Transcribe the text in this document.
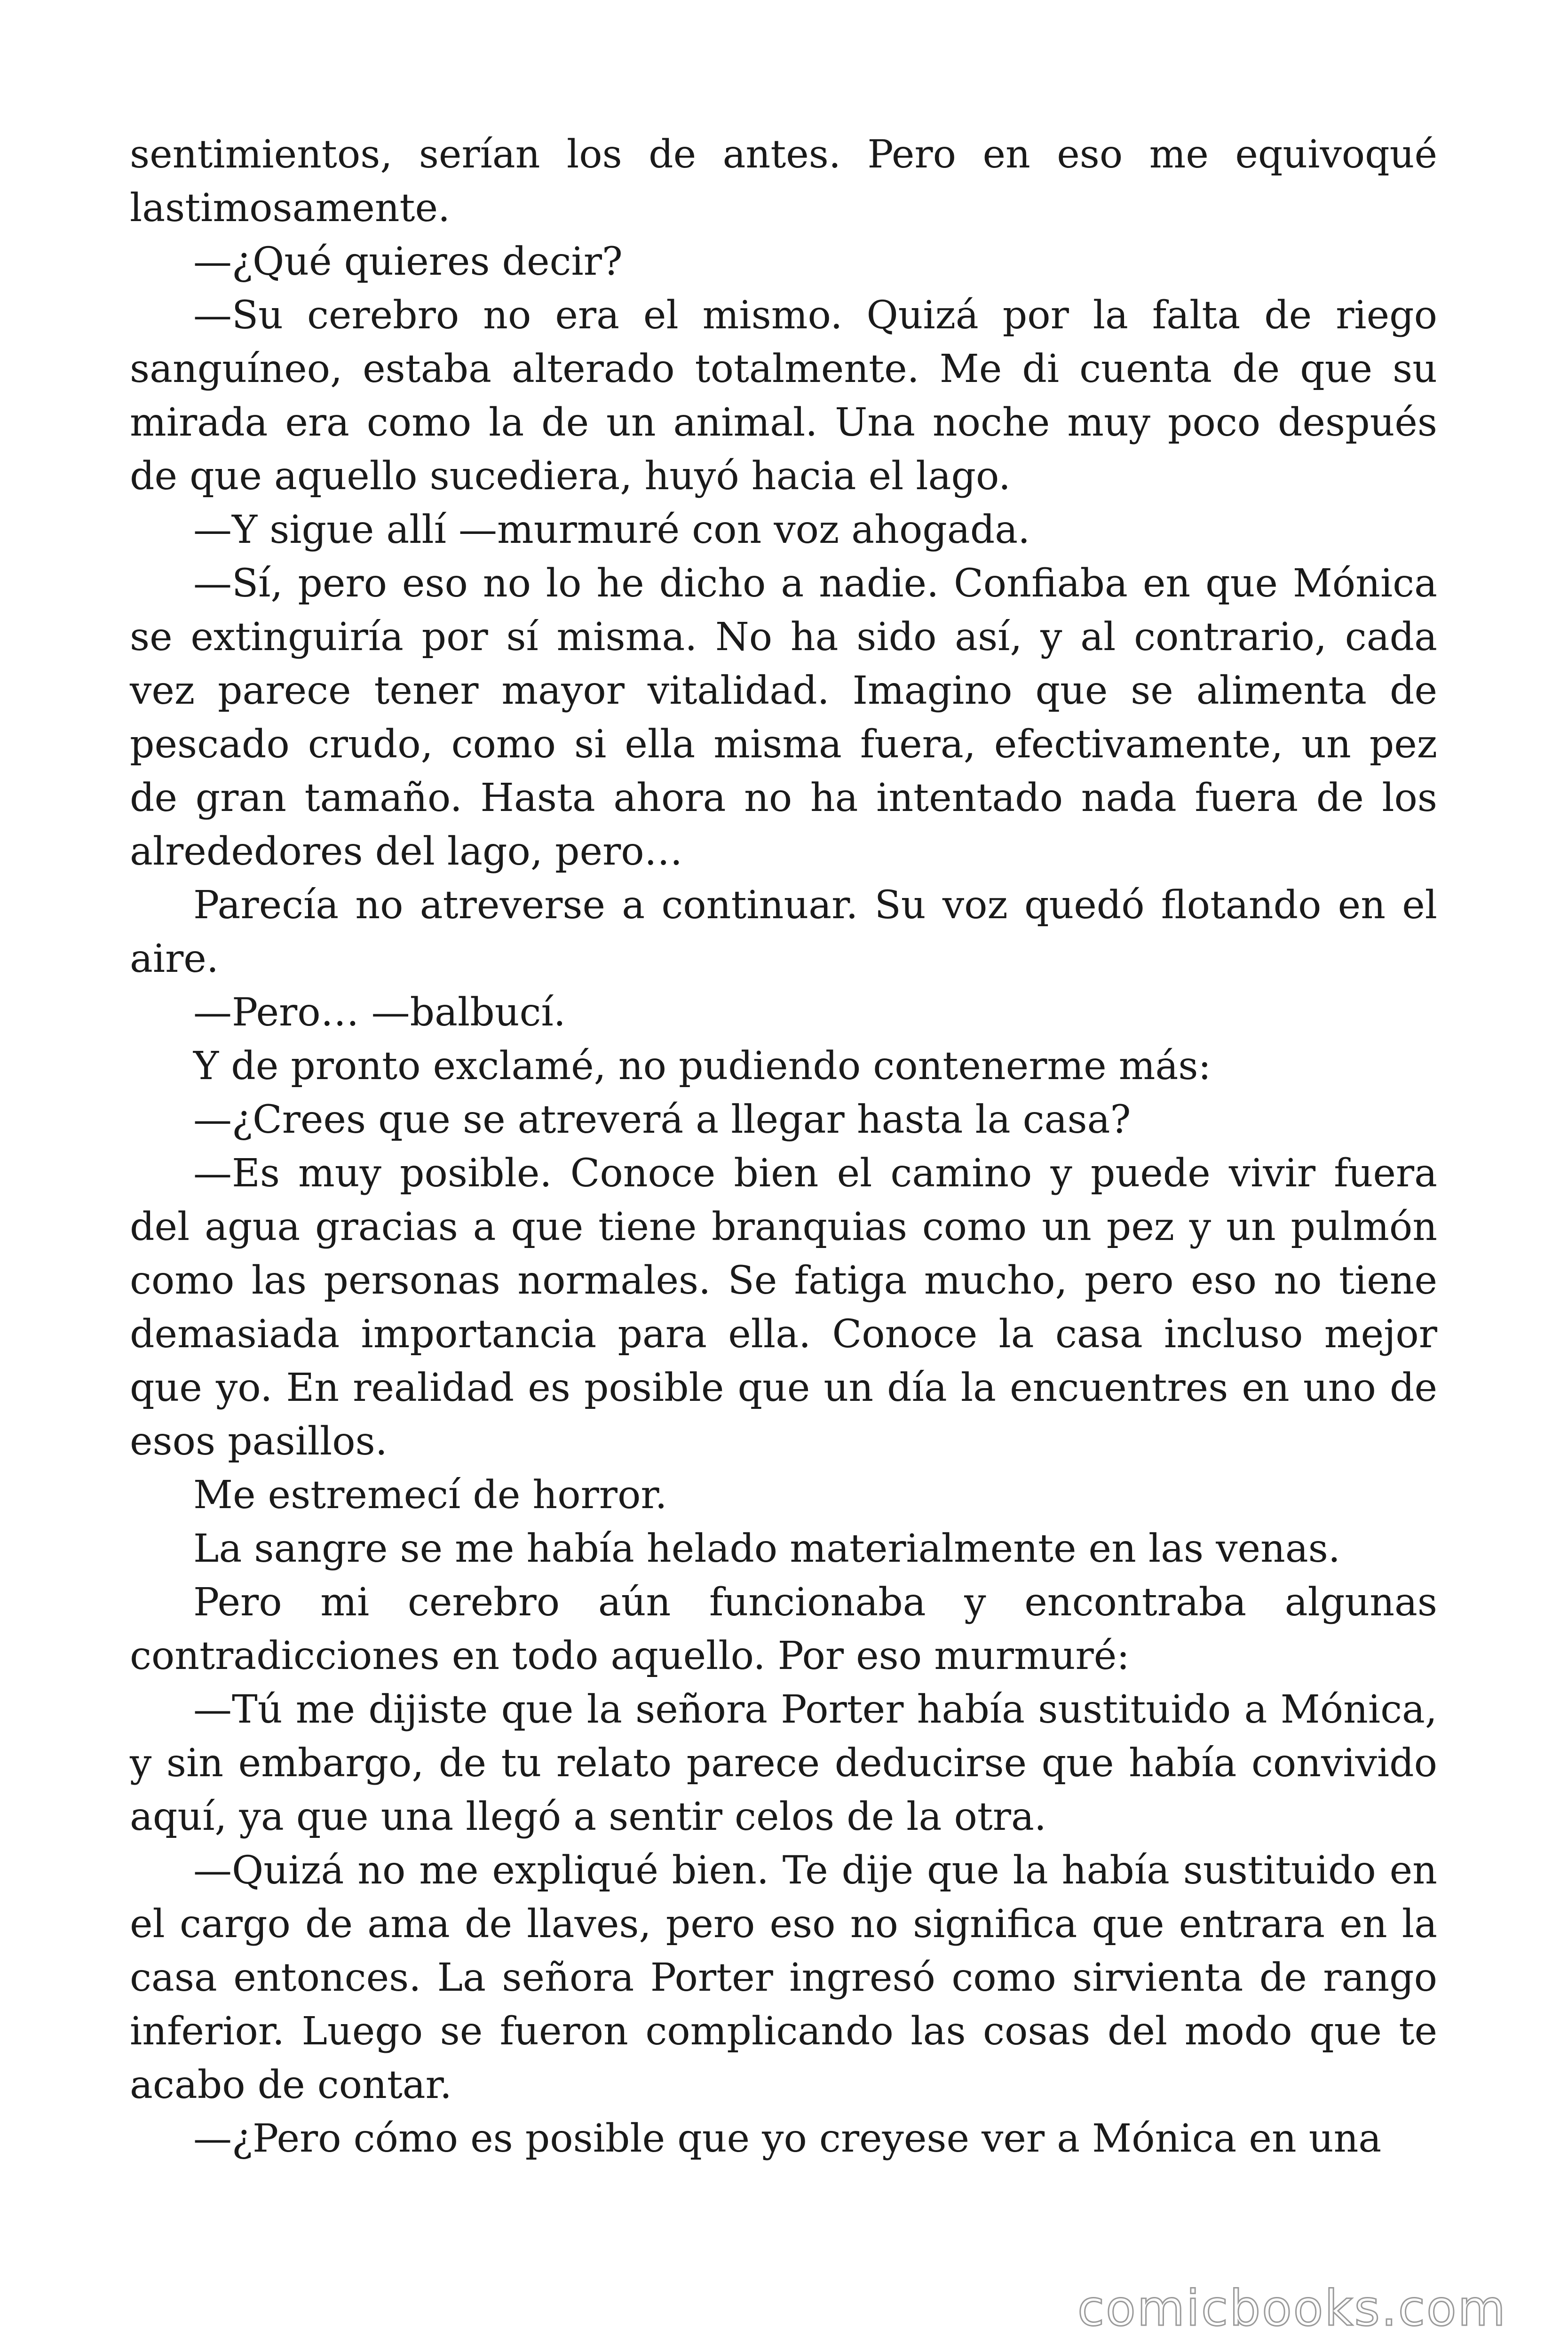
sentimientos, serían los de antes. Pero en eso me equivoqué lastimosamente.

—¿Qué quieres decir?

—Su cerebro no era el mismo. Quizá por la falta de riego sanguíneo, estaba alterado totalmente. Me di cuenta de que su mirada era como la de un animal. Una noche muy poco después de que aquello sucediera, huyó hacia el lago.

—Y sigue allí —murmuré con voz ahogada.

—Sí, pero eso no lo he dicho a nadie. Confiaba en que Mónica se extinguiría por sí misma. No ha sido así, y al contrario, cada vez parece tener mayor vitalidad. Imagino que se alimenta de pescado crudo, como si ella misma fuera, efectivamente, un pez de gran tamaño. Hasta ahora no ha intentado nada fuera de los alrededores del lago, pero…

Parecía no atreverse a continuar. Su voz quedó flotando en el aire.

—Pero… —balbucí.

Y de pronto exclamé, no pudiendo contenerme más:

—¿Crees que se atreverá a llegar hasta la casa?

—Es muy posible. Conoce bien el camino y puede vivir fuera del agua gracias a que tiene branquias como un pez y un pulmón como las personas normales. Se fatiga mucho, pero eso no tiene demasiada importancia para ella. Conoce la casa incluso mejor que yo. En realidad es posible que un día la encuentres en uno de esos pasillos.

Me estremecí de horror.

La sangre se me había helado materialmente en las venas.

Pero mi cerebro aún funcionaba y encontraba algunas contradicciones en todo aquello. Por eso murmuré:

—Tú me dijiste que la señora Porter había sustituido a Mónica, y sin embargo, de tu relato parece deducirse que había convivido aquí, ya que una llegó a sentir celos de la otra.

—Quizá no me expliqué bien. Te dije que la había sustituido en el cargo de ama de llaves, pero eso no significa que entrara en la casa entonces. La señora Porter ingresó como sirvienta de rango inferior. Luego se fueron complicando las cosas del modo que te acabo de contar.

—¿Pero cómo es posible que yo creyese ver a Mónica en una

comicbooks.com
